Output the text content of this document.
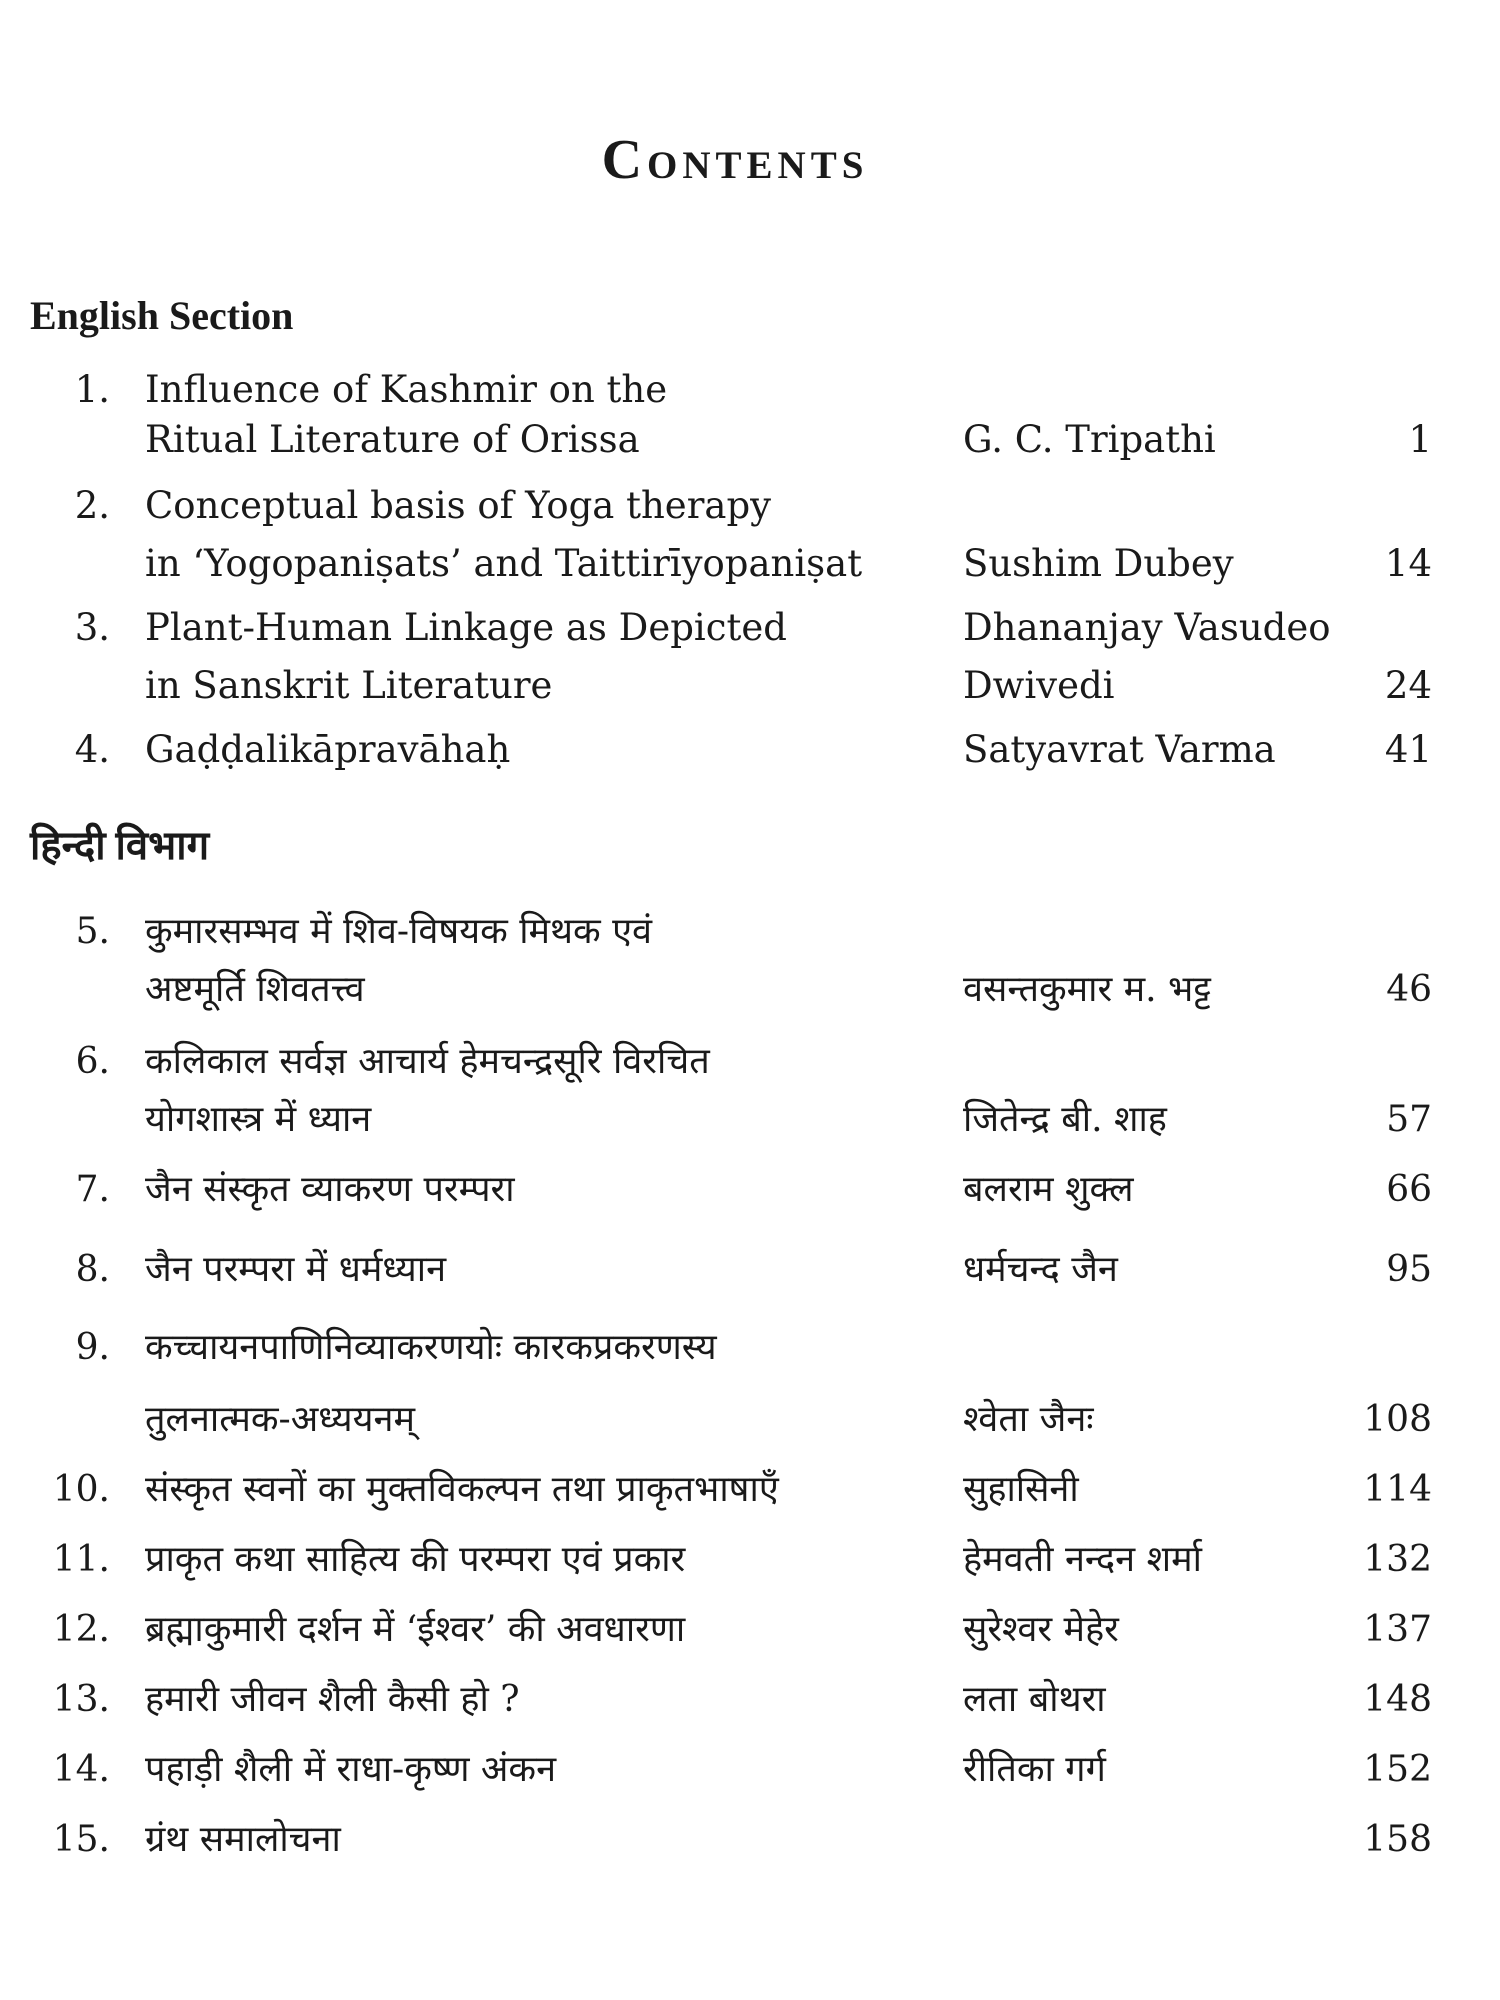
Contents
English Section
1. Influence of Kashmir on the
Ritual Literature of Orissa	G. C. Tripathi	1
2. Conceptual basis of Yoga therapy
in ‘Yogopaniṣats’ and Taittirīyopaniṣat	Sushim Dubey	14
3. Plant-Human Linkage as Depicted	Dhananjay Vasudeo
in Sanskrit Literature	Dwivedi	24
4. Gaḍḍalikāpravāhaḥ	Satyavrat Varma	41
हिन्दी विभाग
5. कुमारसम्भव में शिव-विषयक मिथक एवं
अष्टमूर्ति शिवतत्त्व	वसन्तकुमार म. भट्ट	46
6. कलिकाल सर्वज्ञ आचार्य हेमचन्द्रसूरि विरचित
योगशास्त्र में ध्यान	जितेन्द्र बी. शाह	57
7. जैन संस्कृत व्याकरण परम्परा	बलराम शुक्ल	66
8. जैन परम्परा में धर्मध्यान	धर्मचन्द जैन	95
9. कच्चायनपाणिनिव्याकरणयोः कारकप्रकरणस्य
तुलनात्मक-अध्ययनम्	श्वेता जैनः	108
10. संस्कृत स्वनों का मुक्तविकल्पन तथा प्राकृतभाषाएँ	सुहासिनी	114
11. प्राकृत कथा साहित्य की परम्परा एवं प्रकार	हेमवती नन्दन शर्मा	132
12. ब्रह्माकुमारी दर्शन में ‘ईश्वर’ की अवधारणा	सुरेश्वर मेहेर	137
13. हमारी जीवन शैली कैसी हो ?	लता बोथरा	148
14. पहाड़ी शैली में राधा-कृष्ण अंकन	रीतिका गर्ग	152
15. ग्रंथ समालोचना	158
